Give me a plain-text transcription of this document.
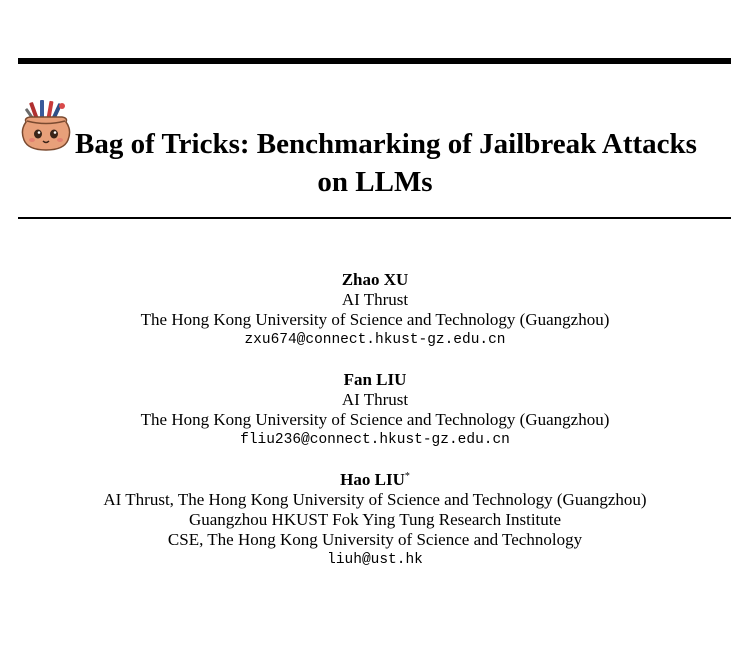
Bag of Tricks: Benchmarking of Jailbreak Attacks
on LLMs
Zhao XU
AI Thrust
The Hong Kong University of Science and Technology (Guangzhou)
zxu674@connect.hkust-gz.edu.cn
Fan LIU
AI Thrust
The Hong Kong University of Science and Technology (Guangzhou)
fliu236@connect.hkust-gz.edu.cn
Hao LIU*
AI Thrust, The Hong Kong University of Science and Technology (Guangzhou)
Guangzhou HKUST Fok Ying Tung Research Institute
CSE, The Hong Kong University of Science and Technology
liuh@ust.hk
